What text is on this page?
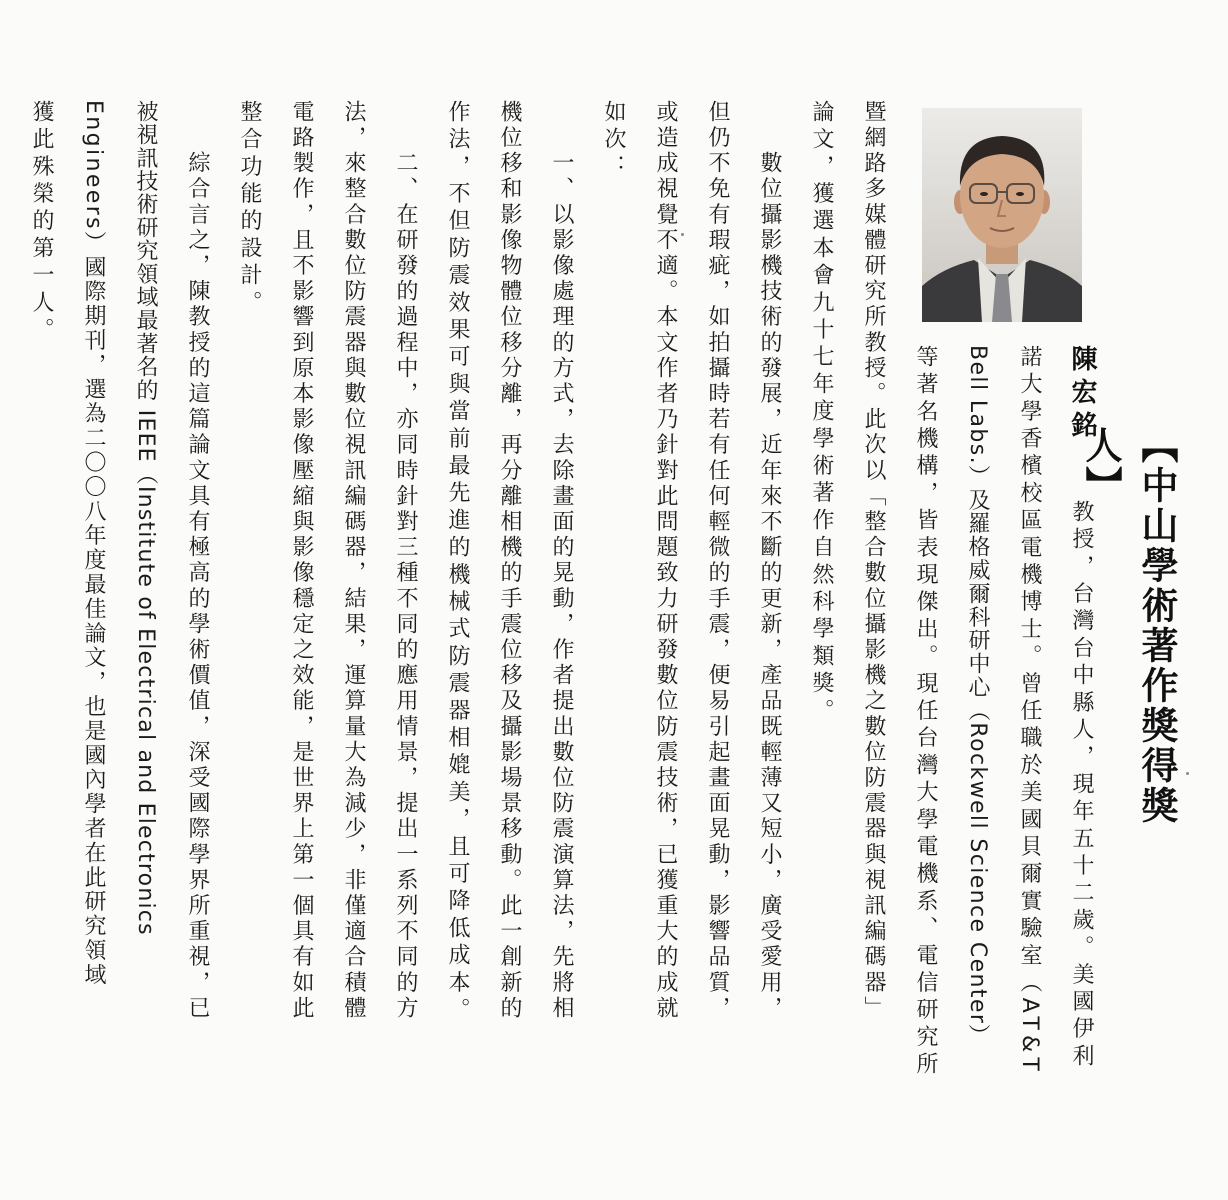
【中山學術著作獎得獎人】
陳宏銘
教授，台灣台中縣人，現年五十二歲。美國伊利
諾大學香檳校區電機博士。曾任職於美國貝爾實驗室（AT&T
Bell Labs.）及羅格威爾科研中心（Rockwell Science Center）
等著名機構，皆表現傑出。現任台灣大學電機系、電信研究所
暨網路多媒體研究所教授。此次以「整合數位攝影機之數位防震器與視訊編碼器」
論文，獲選本會九十七年度學術著作自然科學類獎。
　　數位攝影機技術的發展，近年來不斷的更新，產品既輕薄又短小，廣受愛用，
但仍不免有瑕疵，如拍攝時若有任何輕微的手震，便易引起畫面晃動，影響品質，
或造成視覺不適。本文作者乃針對此問題致力研發數位防震技術，已獲重大的成就
如次：
　　一、以影像處理的方式，去除畫面的晃動，作者提出數位防震演算法，先將相
機位移和影像物體位移分離，再分離相機的手震位移及攝影場景移動。此一創新的
作法，不但防震效果可與當前最先進的機械式防震器相媲美，且可降低成本。
　　二、在研發的過程中，亦同時針對三種不同的應用情景，提出一系列不同的方
法，來整合數位防震器與數位視訊編碼器，結果，運算量大為減少，非僅適合積體
電路製作，且不影響到原本影像壓縮與影像穩定之效能，是世界上第一個具有如此
整合功能的設計。
　　綜合言之，陳教授的這篇論文具有極高的學術價值，深受國際學界所重視，已
被視訊技術研究領域最著名的 IEEE（Institute of Electrical and Electronics
Engineers）國際期刊，選為二〇〇八年度最佳論文，也是國內學者在此研究領域
獲此殊榮的第一人。
